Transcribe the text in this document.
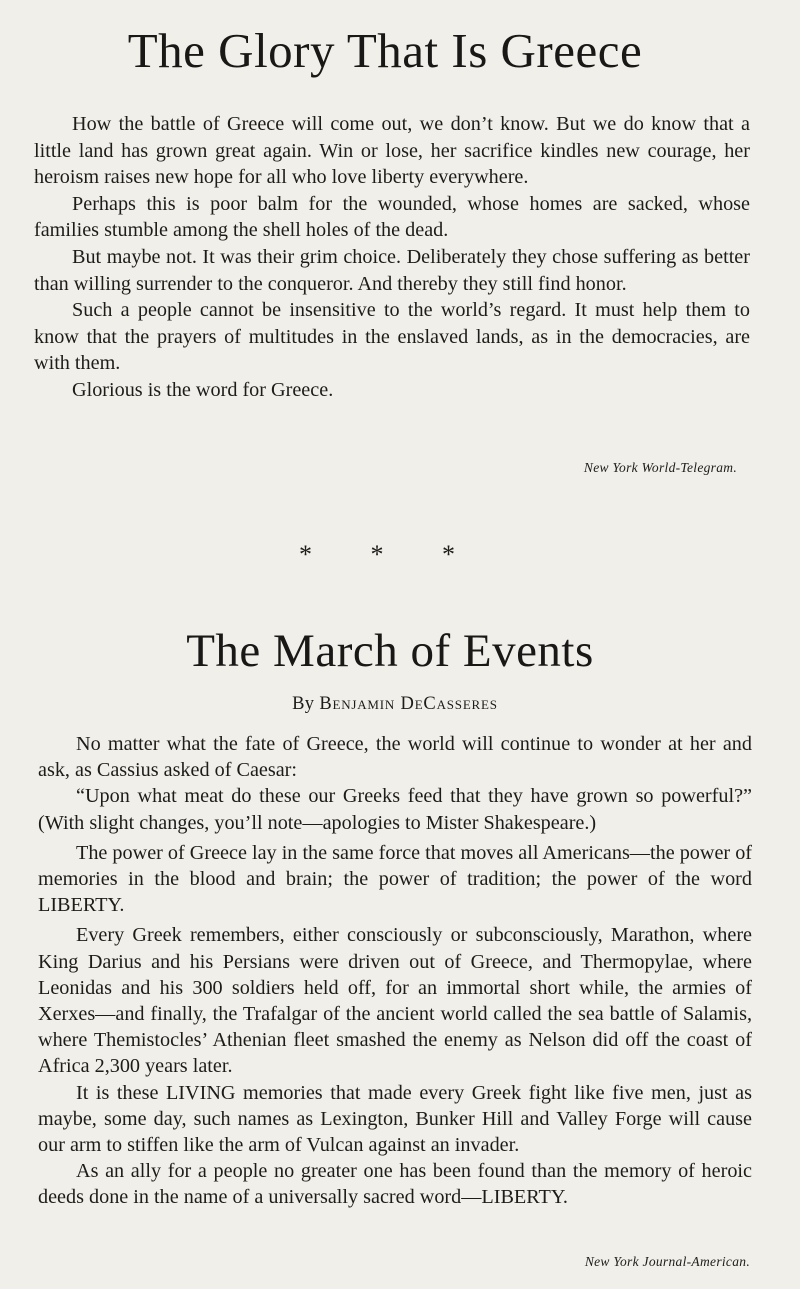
The Glory That Is Greece

How the battle of Greece will come out, we don’t know. But we do know that a little land has grown great again. Win or lose, her sacrifice kindles new courage, her heroism raises new hope for all who love liberty everywhere.

Perhaps this is poor balm for the wounded, whose homes are sacked, whose families stumble among the shell holes of the dead.

But maybe not. It was their grim choice. Deliberately they chose suffering as better than willing surrender to the conqueror. And thereby they still find honor.

Such a people cannot be insensitive to the world’s regard. It must help them to know that the prayers of multitudes in the enslaved lands, as in the democracies, are with them.

Glorious is the word for Greece.

New York World-Telegram.
* * *
The March of Events
By Benjamin DeCasseres

No matter what the fate of Greece, the world will continue to wonder at her and ask, as Cassius asked of Caesar:

“Upon what meat do these our Greeks feed that they have grown so powerful?” (With slight changes, you’ll note—apologies to Mister Shakespeare.)

The power of Greece lay in the same force that moves all Americans—the power of memories in the blood and brain; the power of tradition; the power of the word LIBERTY.

Every Greek remembers, either consciously or subconsciously, Marathon, where King Darius and his Persians were driven out of Greece, and Thermopylae, where Leonidas and his 300 soldiers held off, for an immortal short while, the armies of Xerxes—and finally, the Trafalgar of the ancient world called the sea battle of Salamis, where Themistocles’ Athenian fleet smashed the enemy as Nelson did off the coast of Africa 2,300 years later.

It is these LIVING memories that made every Greek fight like five men, just as maybe, some day, such names as Lexington, Bunker Hill and Valley Forge will cause our arm to stiffen like the arm of Vulcan against an invader.

As an ally for a people no greater one has been found than the memory of heroic deeds done in the name of a universally sacred word—LIBERTY.

New York Journal-American.
